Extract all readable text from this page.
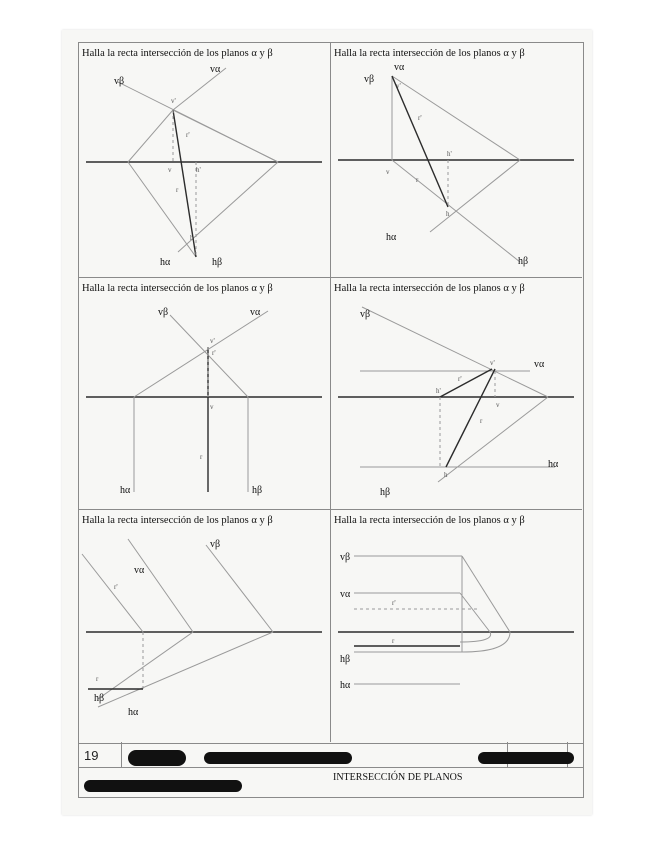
Halla la recta intersección de los planos α y β	Halla la recta intersección de los planos α y β
Halla la recta intersección de los planos α y β	Halla la recta intersección de los planos α y β
Halla la recta intersección de los planos α y β	Halla la recta intersección de los planos α y β
vβ
vα
hα	hβ
v'
r'
h'
v
r
h
vβ
vα
hα
hβ
v'
r'
h'
v
r
h
vβ	vα
hα	hβ
v'
r'
v
r
vβ
vα
hα
hβ
v'
r'
h'
v
r
h
vα
vβ
hβ
hα
r'
r
vβ
vα
hβ
hα
r'
r
19
INTERSECCIÓN DE PLANOS
